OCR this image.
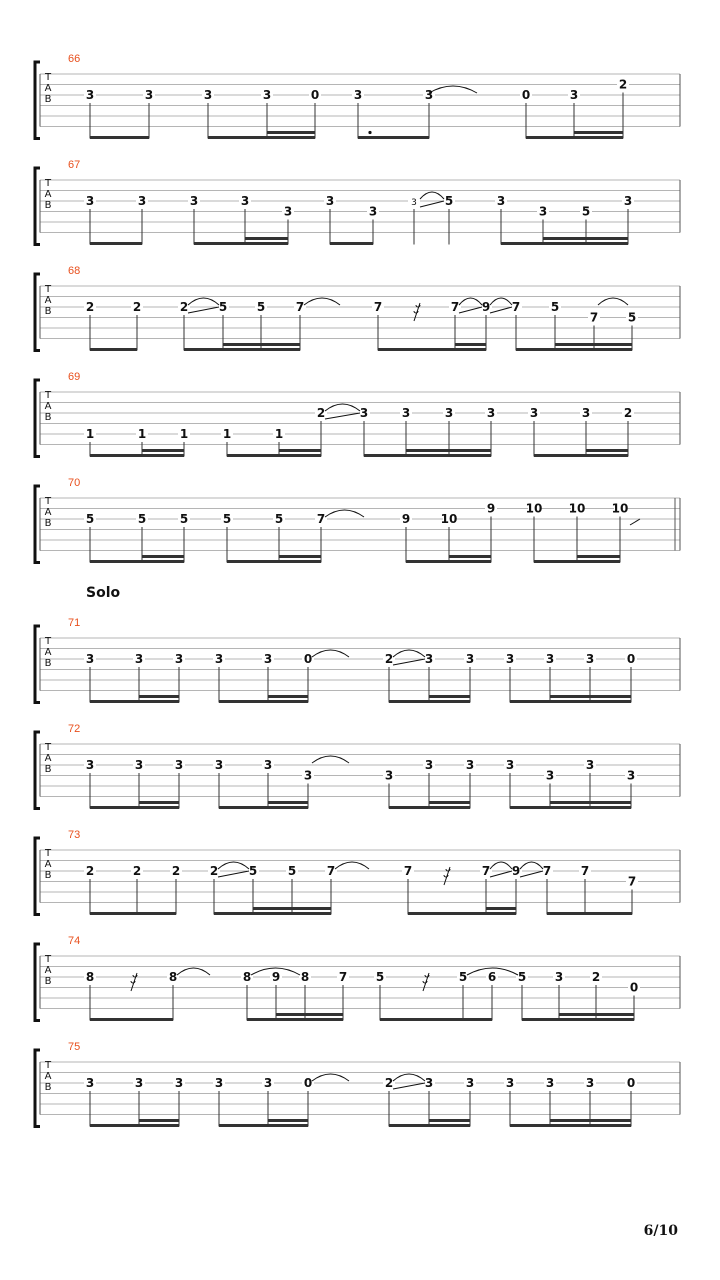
Solo
6/10
66
T
A
B	3	3	3	3	0	3	3	0	3
2
67
T
A
B	3	3	3	3
3
3
3
3 5	3
3	5
3
68
T
A
B	2	2	2	5 5	7	7	7 9 7	5
7 5
69
T
A
B
1	1	1	1	1
2	3	3	3	3	3	3	2
70
T
A
B	5	5	5	5	5	7	9	10
9	10 10 10
71
T
A
B	3	3	3	3	3	0	2	3	3	3	3	3	0
72
T
A
B	3	3	3	3	3
3	3
3	3	3
3
3
3
73
T
A
B	2	2	2 2	5	5	7	7	7 9 7 7
7
74
T
A
B	8	8	8 9 8 7 5	5 6 5 3 2
0
75
T
A
B	3	3	3	3	3	0	2	3	3	3	3	3	0
